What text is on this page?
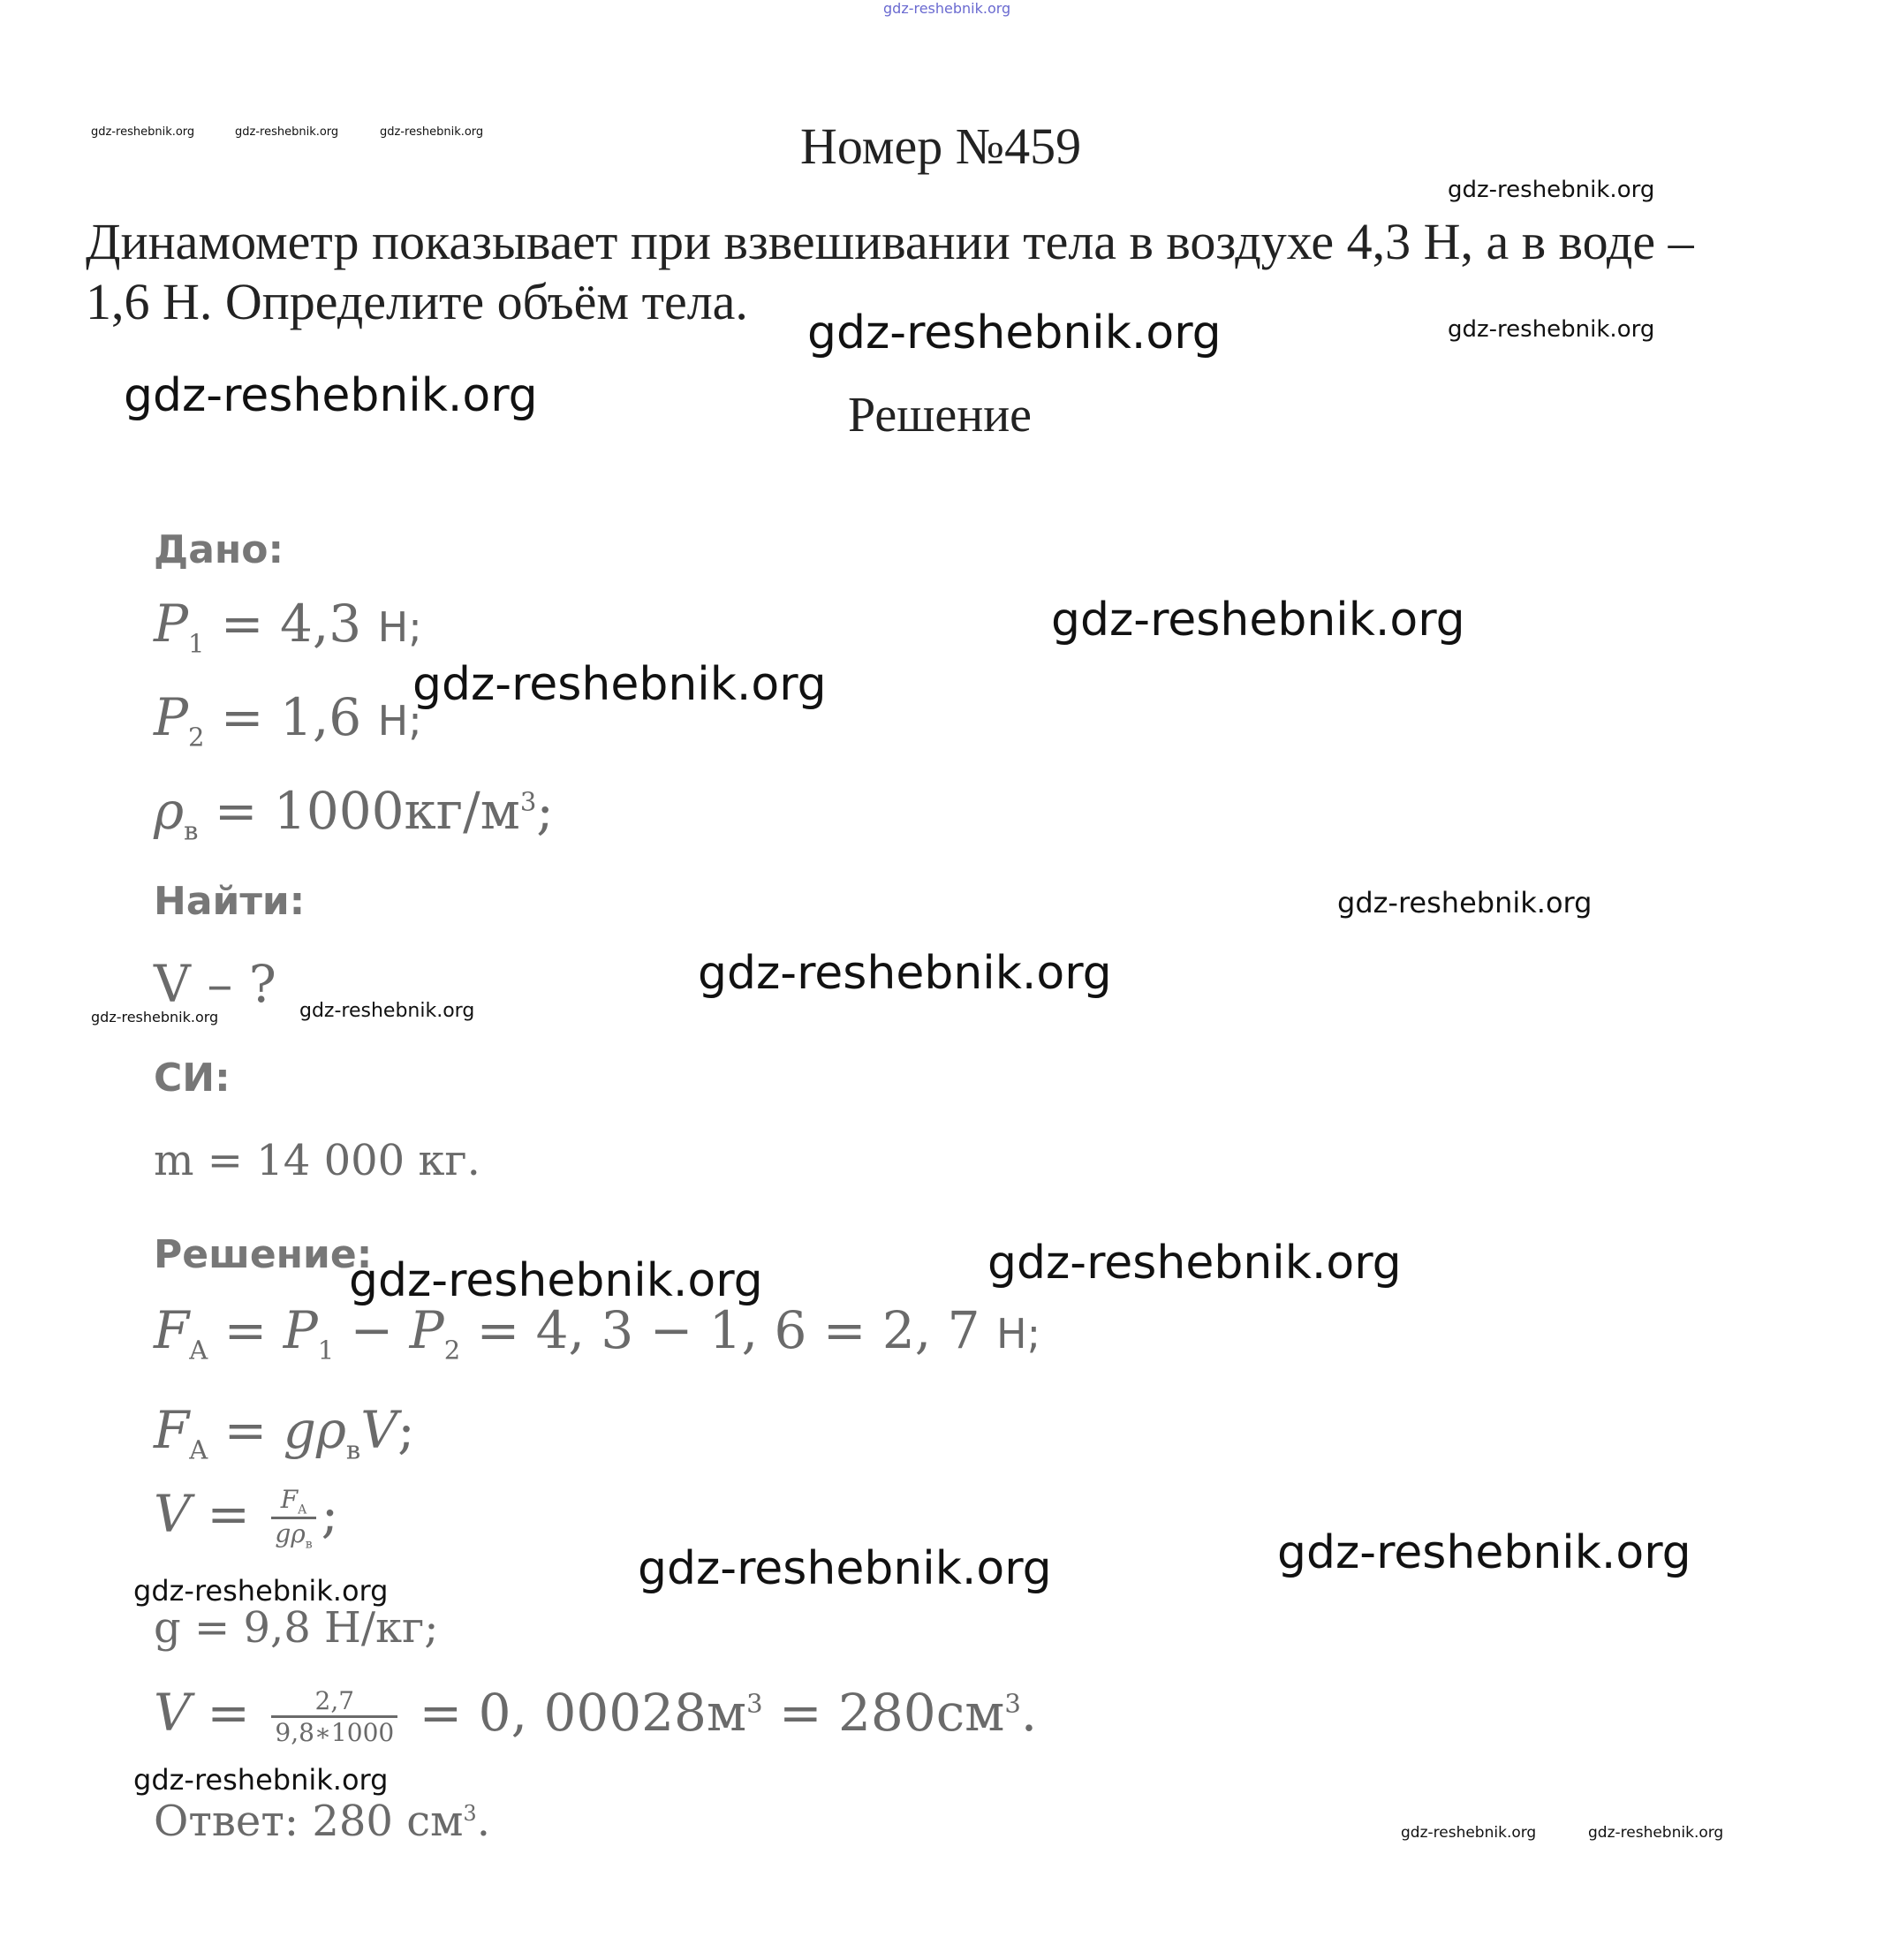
gdz-reshebnik.org
gdz-reshebnik.org	gdz-reshebnik.org	gdz-reshebnik.org
gdz-reshebnik.org
gdz-reshebnik.org
gdz-reshebnik.org
gdz-reshebnik.org
gdz-reshebnik.org
gdz-reshebnik.org
gdz-reshebnik.org
gdz-reshebnik.org
gdz-reshebnik.org	gdz-reshebnik.org
gdz-reshebnik.org	gdz-reshebnik.org
gdz-reshebnik.org	gdz-reshebnik.org
gdz-reshebnik.org
gdz-reshebnik.org
gdz-reshebnik.org	gdz-reshebnik.org
Номер №459
Динамометр показывает при взвешивании тела в воздухе 4,3 Н, а в воде – 1,6 Н. Определите объём тела.
Решение
Дано:
$P_1 = 4,3$ Н;
$P_2 = 1,6$ Н;
$\rho_в = 1000кг/м^3$;
Найти:
V – ?
СИ:
m = 14 000 кг.
Решение:
$F_A = P_1 - P_2 = 4$, 3 − 1, 6 = 2, 7 Н;
$F_A = g\rho_вV$;
$V = \frac{F_A}{g\rho_в}$ ;
g = 9,8 Н/кг;
$V = \frac{2,7}{9,8∗1000} = 0$, $00028м^3 = 280см^3$.
Ответ: 280 $см^3$.
